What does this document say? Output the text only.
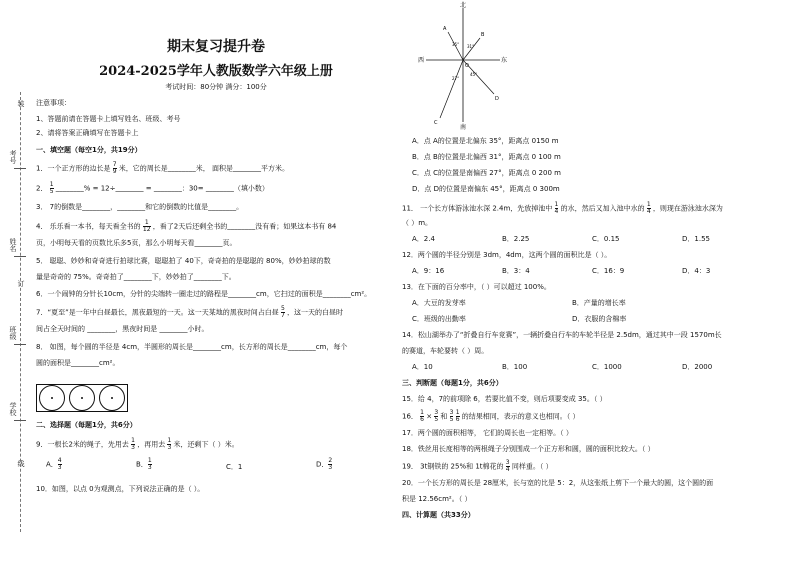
考号
姓名
班级
学校
装
订
线
期末复习提升卷
2024-2025学年人教版数学六年级上册
考试时间：80分钟 满分：100分
注意事项：
1、答题前请在答题卡上填写姓名、班级、考号
2、请将答案正确填写在答题卡上
一、填空题（每空1分，共19分）
1．一个正方形的边长是 $\frac{7}{9}$ 米，它的周长是________米， 面积是________平方米。
2． $\frac{1}{5}$ ________% = 12÷________ = ________：30= ________（填小数）
3． 7的倒数是________，________和它的倒数的比值是________。
4． 乐乐看一本书，每天看全书的 $\frac{1}{12}$ ，看了2天后还剩全书的________没有看；如果这本书有 84
页，小明每天看的页数比乐多5页，那么小明每天看________页。
5． 聪聪、妙妙和奇奇进行拍球比赛，聪聪拍了 40下，奇奇拍的是聪聪的 80%，妙妙拍球的数
量是奇奇的 75%。奇奇拍了________下，妙妙拍了________下。
6．一个闹钟的分针长10cm，分针的尖端转一圈走过的路程是________cm，它扫过的面积是________cm²。
7．“夏至”是一年中白昼最长，黑夜最短的一天。这一天某地的黑夜时间占白昼 $\frac{5}{7}$ ，这一天的白昼时
间占全天时间的 ________，黑夜时间是 ________小时。
8． 如图，每个圆的半径是 4cm，半圆形的周长是________cm，长方形的周长是________cm，每个
圆的面积是________cm²。
二、选择题（每题1分，共6分）
9．一根长2米的绳子，先用去 $\frac{1}{3}$ ，再用去 $\frac{1}{3}$ 米，还剩下（ ）米。
A． $\frac{4}{3}$	B． $\frac{1}{3}$	C．1	D． $\frac{2}{3}$
10．如图，以点 0为观测点，下列说法正确的是（ ）。
北
南
西	东
O
A
B
C
D
35° 31°
27°
45°
A．点 A的位置是北偏东 35°，距离点 0150 m
B．点 B的位置是北偏西 31°，距离点 0 100 m
C．点 C的位置是南偏西 27°，距离点 0 200 m
D．点 D的位置是南偏东 45°，距离点 0 300m
11． 一个长方体游泳池水深 2.4m，先放掉池中 $\frac{1}{4}$ 的水，然后又加入池中水的 $\frac{1}{4}$ ，则现在游泳池水深为
（ ）m。
A．2.4	B．2.25	C．0.15	D．1.55
12．两个圆的半径分别是 3dm，4dm，这两个圆的面积比是（ ）。
A．9：16	B．3：4	C．16：9	D．4：3
13．在下面的百分率中，（ ）可以超过 100%。
A．大豆的发芽率	B．产量的增长率
C．班级的出勤率	D．衣服的含棉率
14．松山湖举办了“折叠自行车竞赛”，一辆折叠自行车的车轮半径是 2.5dm，通过其中一段 1570m长
的赛道，车轮要转（ ）周。
A．10	B．100	C．1000	D．2000
三、判断题（每题1分，共6分）
15．给 4，7的前项除 6，若要比值不变，则后项要变成 35。（ ）
16． $\frac{1}{6} \times \frac{3}{5}$ 和 $\frac{3}{5}$
$\frac{1}{6}$ 的结果相同，表示的意义也相同。（ ）
17．两个圆的面积相等， 它们的周长也一定相等。（ ）
18．铁丝用长度相等的两根绳子分别围成一个正方形和圆，圆的面积比较大。（ ）
19． 3t钢铁的 25%和 1t棉花的 $\frac{3}{4}$ 同样重。（ ）
20．一个长方形的周长是 28厘米，长与宽的比是 5：2，从这张纸上剪下一个最大的圆，这个圆的面
积是 12.56cm²。（ ）
四、计算题（共33分）
